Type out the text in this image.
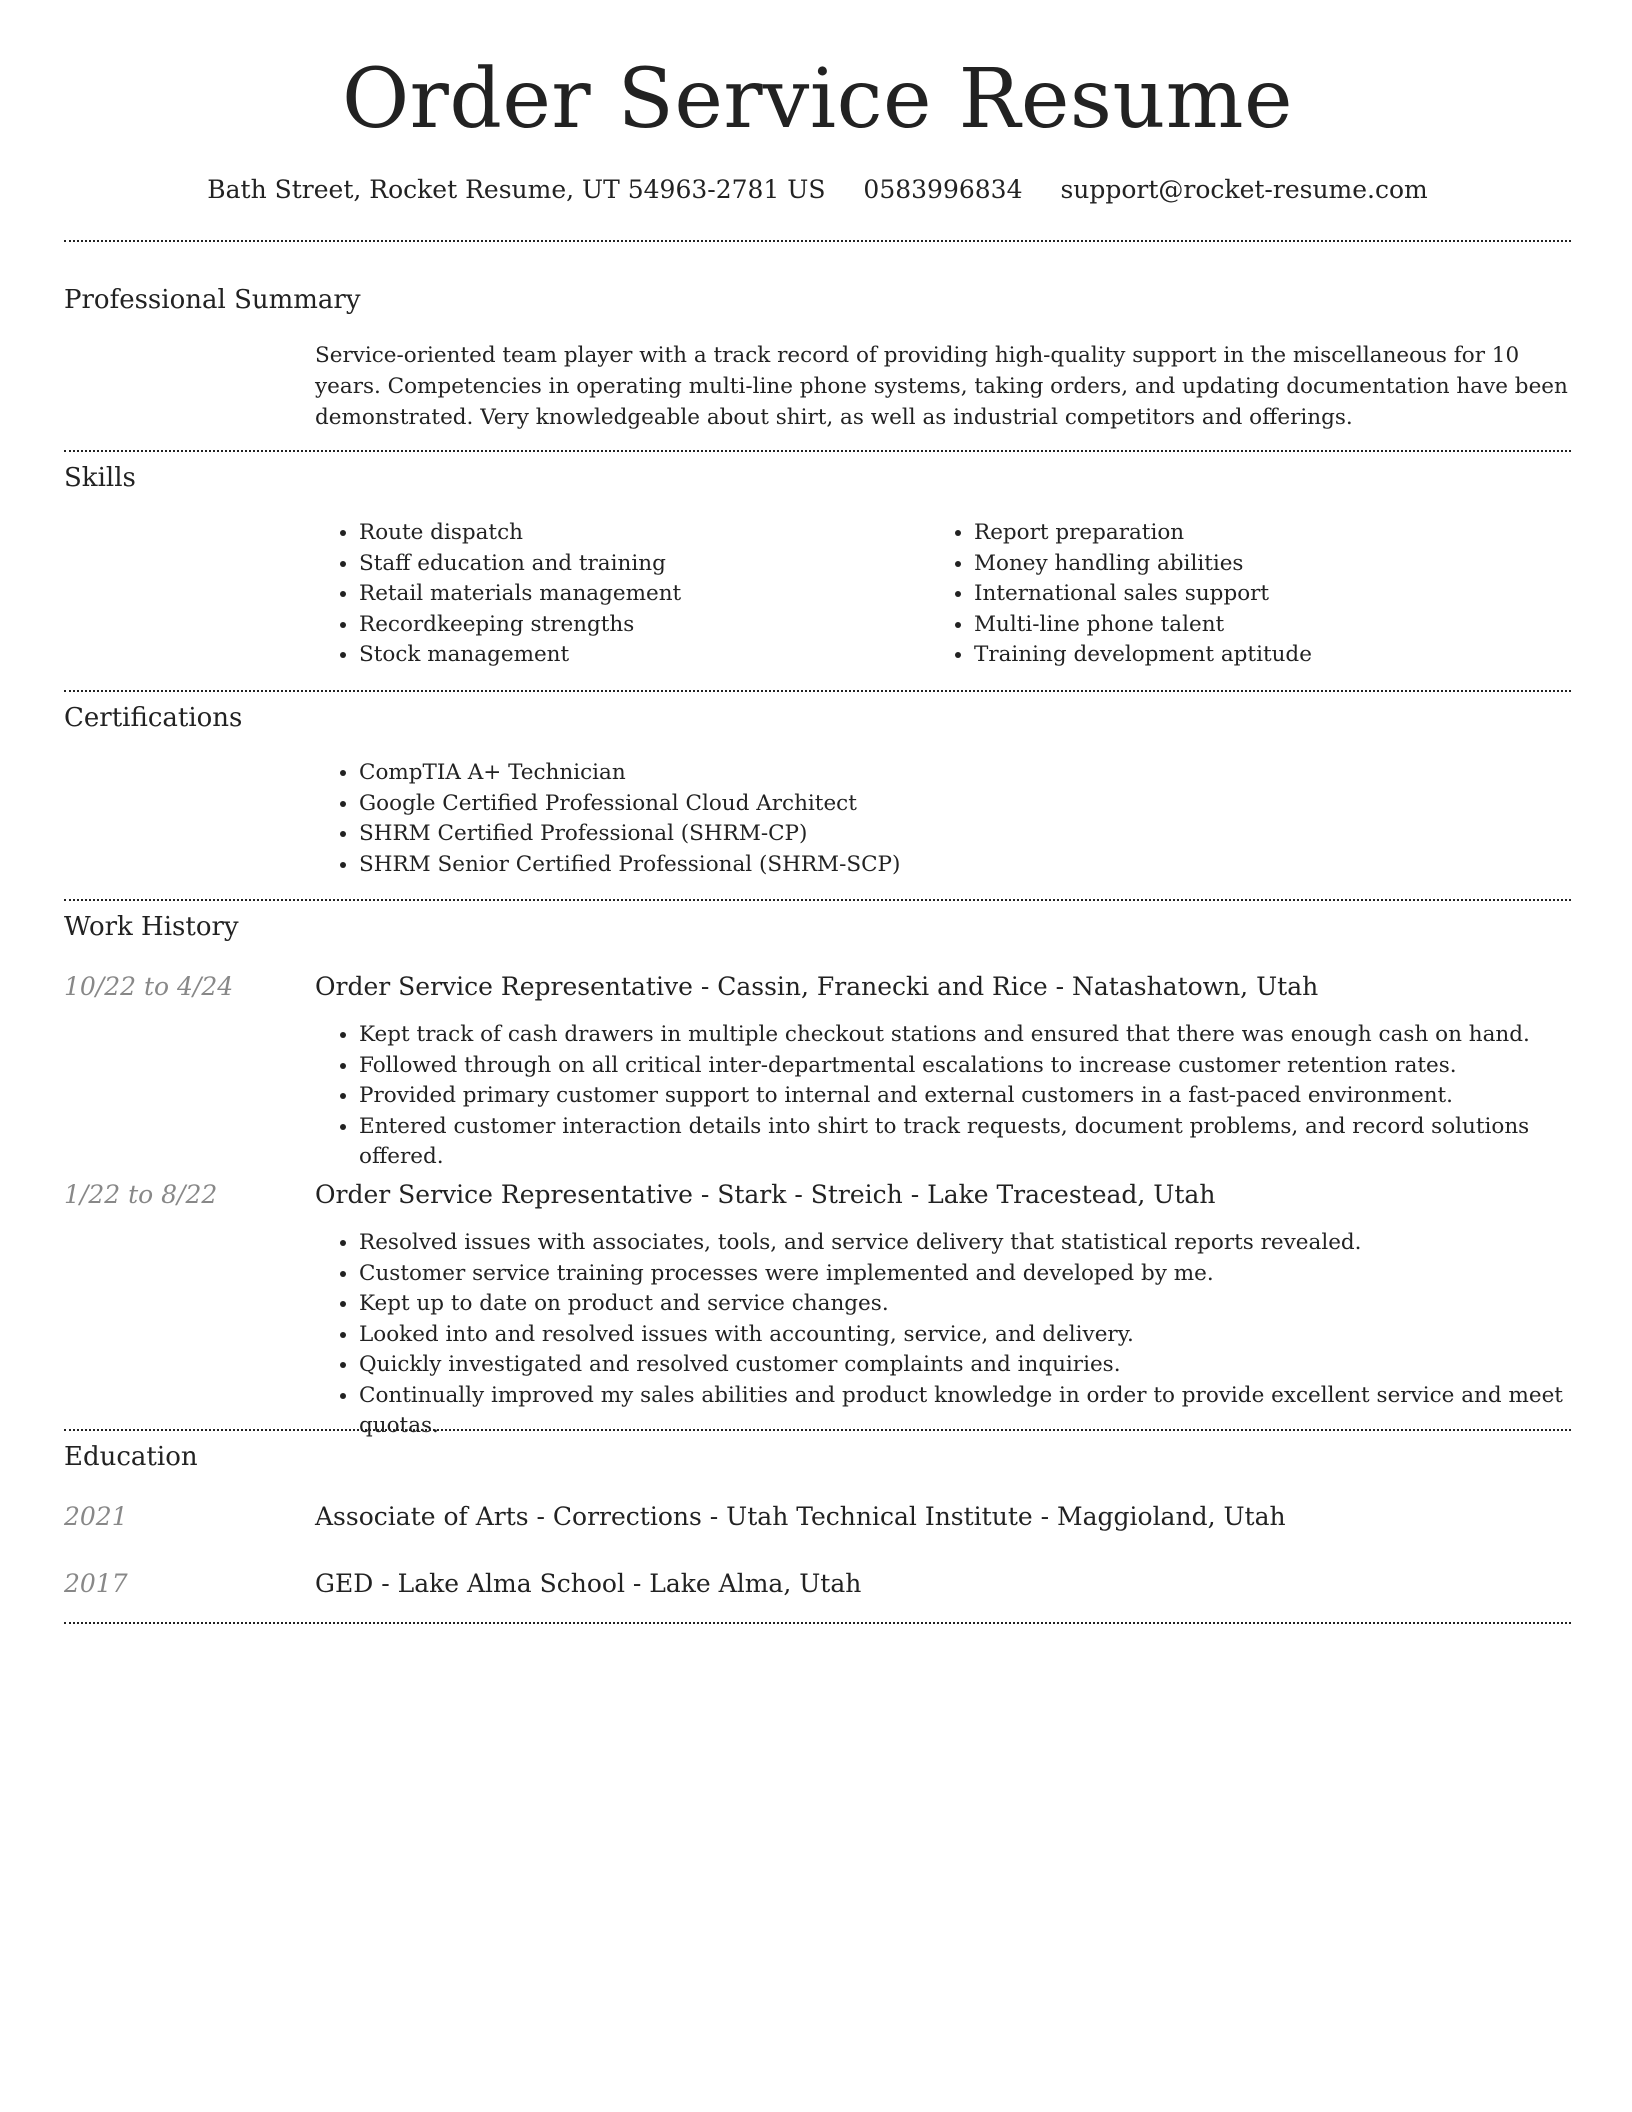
Order Service Resume
Bath Street, Rocket Resume, UT 54963-2781 US 0583996834 support@rocket-resume.com
Professional Summary
Service-oriented team player with a track record of providing high-quality support in the miscellaneous for 10 years. Competencies in operating multi-line phone systems, taking orders, and updating documentation have been demonstrated. Very knowledgeable about shirt, as well as industrial competitors and offerings.
Skills
• Route dispatch
• Staff education and training
• Retail materials management
• Recordkeeping strengths
• Stock management
• Report preparation
• Money handling abilities
• International sales support
• Multi-line phone talent
• Training development aptitude
Certifications
• CompTIA A+ Technician
• Google Certified Professional Cloud Architect
• SHRM Certified Professional (SHRM-CP)
• SHRM Senior Certified Professional (SHRM-SCP)
Work History
10/22 to 4/24	Order Service Representative - Cassin, Franecki and Rice - Natashatown, Utah
• Kept track of cash drawers in multiple checkout stations and ensured that there was enough cash on hand.
• Followed through on all critical inter-departmental escalations to increase customer retention rates.
• Provided primary customer support to internal and external customers in a fast-paced environment.
• Entered customer interaction details into shirt to track requests, document problems, and record solutions offered.
1/22 to 8/22	Order Service Representative - Stark - Streich - Lake Tracestead, Utah
• Resolved issues with associates, tools, and service delivery that statistical reports revealed.
• Customer service training processes were implemented and developed by me.
• Kept up to date on product and service changes.
• Looked into and resolved issues with accounting, service, and delivery.
• Quickly investigated and resolved customer complaints and inquiries.
• Continually improved my sales abilities and product knowledge in order to provide excellent service and meet quotas.
Education
2021	Associate of Arts - Corrections - Utah Technical Institute - Maggioland, Utah
2017	GED - Lake Alma School - Lake Alma, Utah
